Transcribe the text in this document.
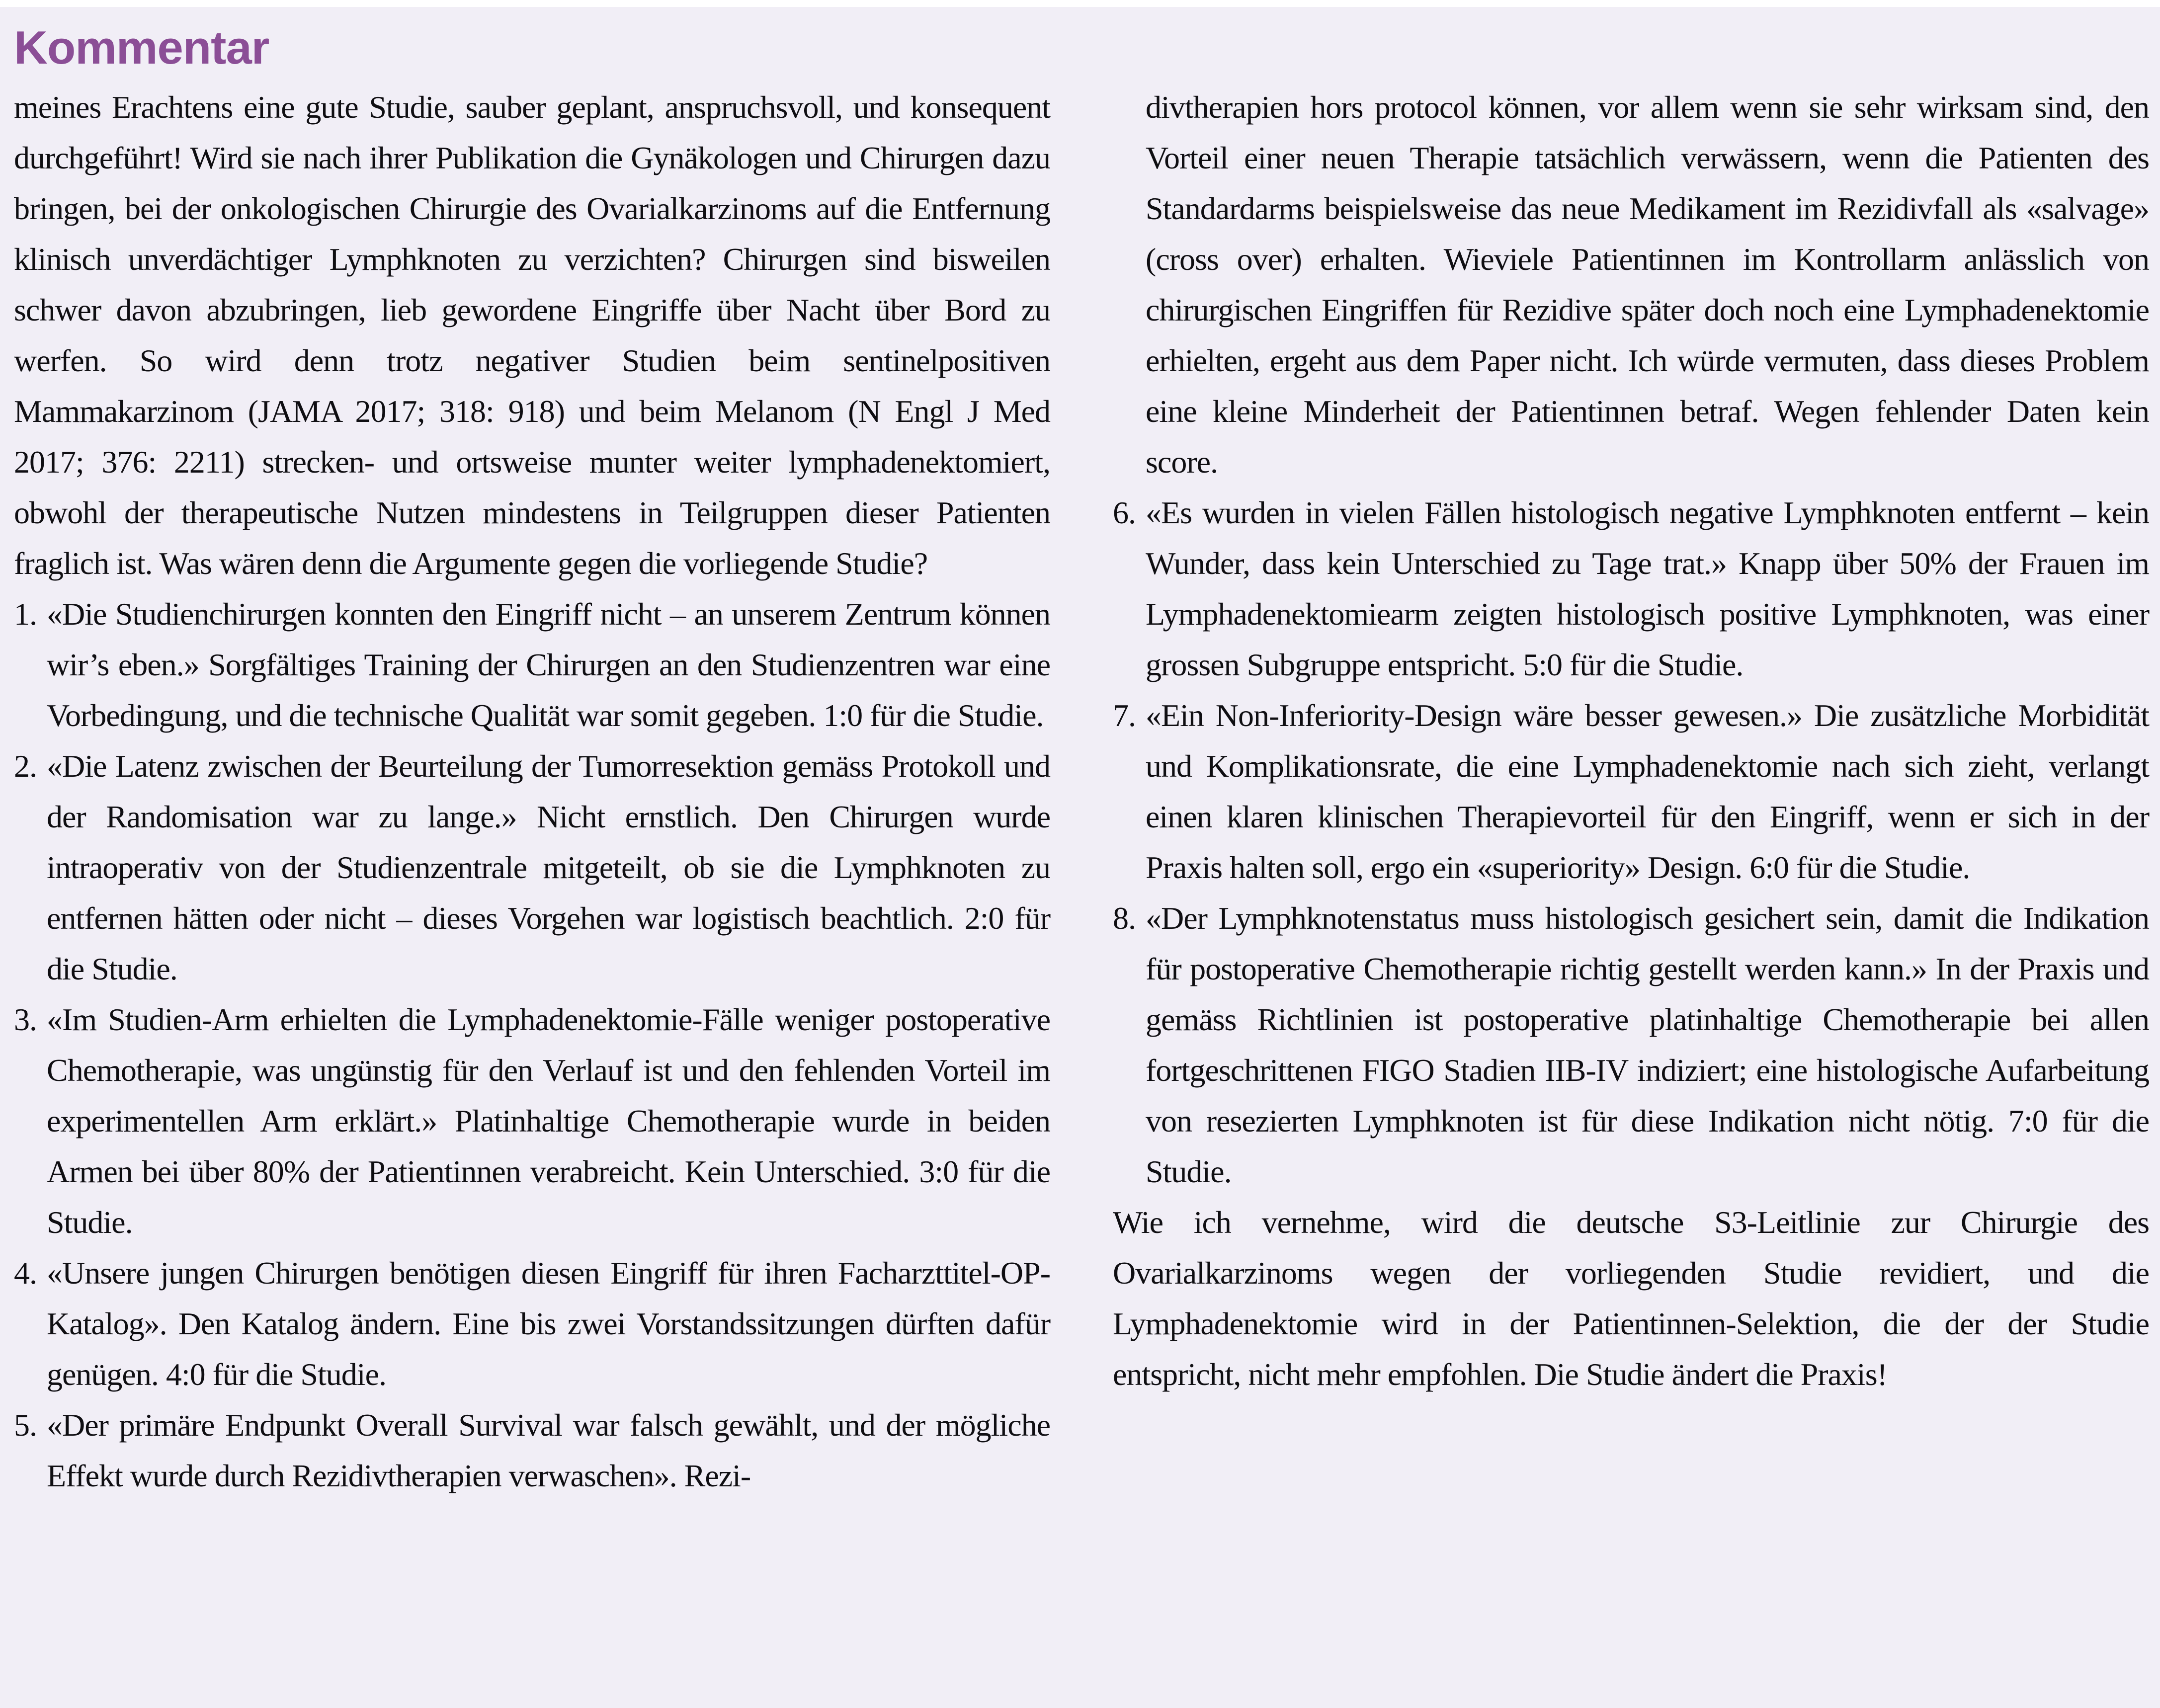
Kommentar

meines Erachtens eine gute Studie, sauber geplant, anspruchsvoll, und konsequent durchgeführt! Wird sie nach ihrer Publikation die Gynäkologen und Chirurgen dazu bringen, bei der onkologischen Chirurgie des Ovarialkarzinoms auf die Entfernung klinisch unverdächtiger Lymphknoten zu verzichten? Chirurgen sind bisweilen schwer davon abzubringen, lieb gewordene Eingriffe über Nacht über Bord zu werfen. So wird denn trotz negativer Studien beim sentinelpositiven Mammakarzinom (JAMA 2017; 318: 918) und beim Melanom (N Engl J Med 2017; 376: 2211) strecken- und ortsweise munter weiter lymphadenektomiert, obwohl der therapeutische Nutzen mindestens in Teilgruppen dieser Patienten fraglich ist. Was wären denn die Argumente gegen die vorliegende Studie?

1. «Die Studienchirurgen konnten den Eingriff nicht – an unserem Zentrum können wir’s eben.» Sorgfältiges Training der Chirurgen an den Studienzentren war eine Vorbedingung, und die technische Qualität war somit gegeben. 1:0 für die Studie.
2. «Die Latenz zwischen der Beurteilung der Tumorresektion gemäss Protokoll und der Randomisation war zu lange.» Nicht ernstlich. Den Chirurgen wurde intraoperativ von der Studienzentrale mitgeteilt, ob sie die Lymphknoten zu entfernen hätten oder nicht – dieses Vorgehen war logistisch beachtlich. 2:0 für die Studie.
3. «Im Studien-Arm erhielten die Lymphadenektomie-Fälle weniger postoperative Chemotherapie, was ungünstig für den Verlauf ist und den fehlenden Vorteil im experimentellen Arm erklärt.» Platinhaltige Chemotherapie wurde in beiden Armen bei über 80% der Patientinnen verabreicht. Kein Unterschied. 3:0 für die Studie.
4. «Unsere jungen Chirurgen benötigen diesen Eingriff für ihren Facharzttitel-OP-Katalog». Den Katalog ändern. Eine bis zwei Vorstandssitzungen dürften dafür genügen. 4:0 für die Studie.
5. «Der primäre Endpunkt Overall Survival war falsch gewählt, und der mögliche Effekt wurde durch Rezidivtherapien verwaschen». Rezi-

divtherapien hors protocol können, vor allem wenn sie sehr wirksam sind, den Vorteil einer neuen Therapie tatsächlich verwässern, wenn die Patienten des Standardarms beispielsweise das neue Medikament im Rezidivfall als «salvage» (cross over) erhalten. Wieviele Patientinnen im Kontrollarm anlässlich von chirurgischen Eingriffen für Rezidive später doch noch eine Lymphadenektomie erhielten, ergeht aus dem Paper nicht. Ich würde vermuten, dass dieses Problem eine kleine Minderheit der Patientinnen betraf. Wegen fehlender Daten kein score.

6. «Es wurden in vielen Fällen histologisch negative Lymphknoten entfernt – kein Wunder, dass kein Unterschied zu Tage trat.» Knapp über 50% der Frauen im Lymphadenektomiearm zeigten histologisch positive Lymphknoten, was einer grossen Subgruppe entspricht. 5:0 für die Studie.
7. «Ein Non-Inferiority-Design wäre besser gewesen.» Die zusätzliche Morbidität und Komplikationsrate, die eine Lymphadenektomie nach sich zieht, verlangt einen klaren klinischen Therapievorteil für den Eingriff, wenn er sich in der Praxis halten soll, ergo ein «superiority» Design. 6:0 für die Studie.
8. «Der Lymphknotenstatus muss histologisch gesichert sein, damit die Indikation für postoperative Chemotherapie richtig gestellt werden kann.» In der Praxis und gemäss Richtlinien ist postoperative platinhaltige Chemotherapie bei allen fortgeschrittenen FIGO Stadien IIB-IV indiziert; eine histologische Aufarbeitung von resezierten Lymphknoten ist für diese Indikation nicht nötig. 7:0 für die Studie.

Wie ich vernehme, wird die deutsche S3-Leitlinie zur Chirurgie des Ovarialkarzinoms wegen der vorliegenden Studie revidiert, und die Lymphadenektomie wird in der Patientinnen-Selektion, die der der Studie entspricht, nicht mehr empfohlen. Die Studie ändert die Praxis!
